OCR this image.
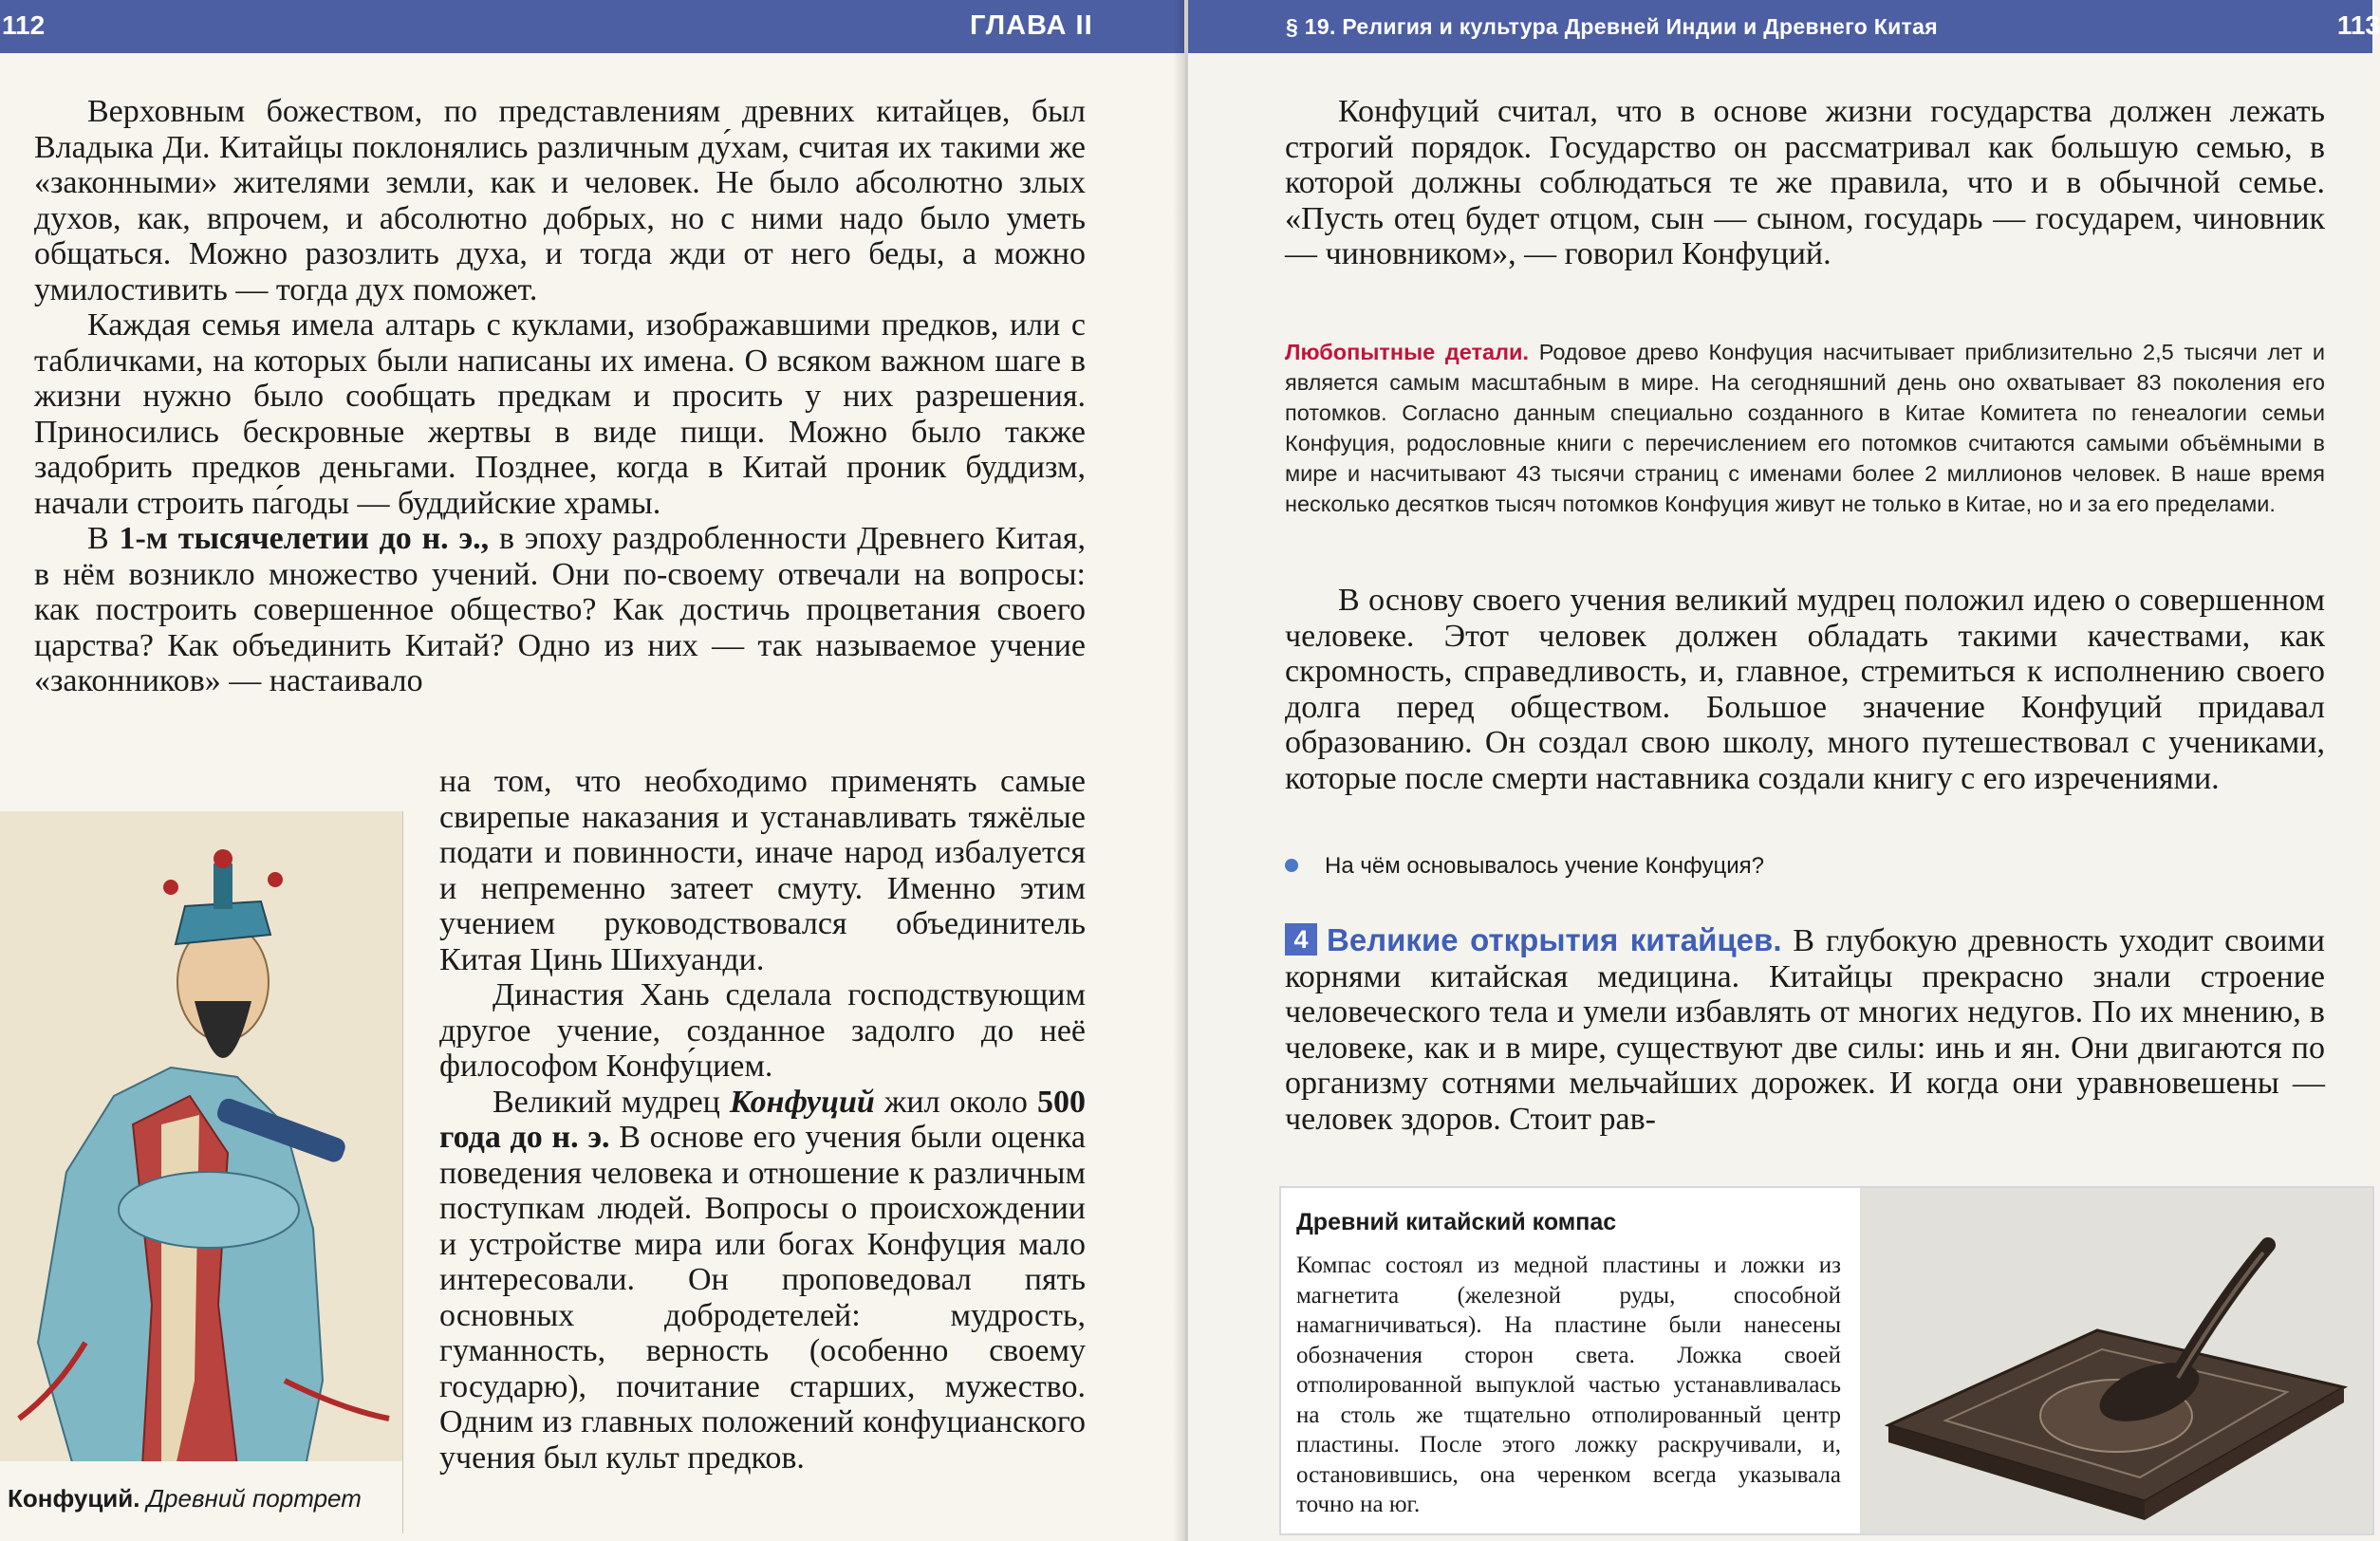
112	ГЛАВА II

Верховным божеством, по представлениям древних китайцев, был Владыка Ди. Китайцы поклонялись различным ду́хам, считая их такими же «законными» жителями земли, как и человек. Не было абсолютно злых духов, как, впрочем, и абсолютно добрых, но с ними надо было уметь общаться. Можно разозлить духа, и тогда жди от него беды, а можно умилостивить — тогда дух поможет.

Каждая семья имела алтарь с куклами, изображавшими предков, или с табличками, на которых были написаны их имена. О всяком важном шаге в жизни нужно было сообщать предкам и просить у них разрешения. Приносились бескровные жертвы в виде пищи. Можно было также задобрить предков деньгами. Позднее, когда в Китай проник буддизм, начали строить па́годы — буддийские храмы.

В 1-м тысячелетии до н. э., в эпоху раздробленности Древнего Китая, в нём возникло множество учений. Они по-своему отвечали на вопросы: как построить совершенное общество? Как достичь процветания своего царства? Как объединить Китай? Одно из них — так называемое учение «законников» — настаивало

на том, что необходимо применять самые свирепые наказания и устанавливать тяжёлые подати и повинности, иначе народ избалуется и непременно затеет смуту. Именно этим учением руководствовался объединитель Китая Цинь Шихуанди.

Династия Хань сделала господствующим другое учение, созданное задолго до неё философом Конфу́цием.

Великий мудрец Конфуций жил около 500 года до н. э. В основе его учения были оценка поведения человека и отношение к различным поступкам людей. Вопросы о происхождении и устройстве мира или богах Конфуция мало интересовали. Он проповедовал пять основных добродетелей: мудрость, гуманность, верность (особенно своему государю), почитание старших, мужество. Одним из главных положений конфуцианского учения был культ предков.

Конфуций. Древний портрет
§ 19. Религия и культура Древней Индии и Древнего Китая	113

Конфуций считал, что в основе жизни государства должен лежать строгий порядок. Государство он рассматривал как большую семью, в которой должны соблюдаться те же правила, что и в обычной семье. «Пусть отец будет отцом, сын — сыном, государь — государем, чиновник — чиновником», — говорил Конфуций.

Любопытные детали. Родовое древо Конфуция насчитывает приблизительно 2,5 тысячи лет и является самым масштабным в мире. На сегодняшний день оно охватывает 83 поколения его потомков. Согласно данным специально созданного в Китае Комитета по генеалогии семьи Конфуция, родословные книги с перечислением его потомков считаются самыми объёмными в мире и насчитывают 43 тысячи страниц с именами более 2 миллионов человек. В наше время несколько десятков тысяч потомков Конфуция живут не только в Китае, но и за его пределами.

В основу своего учения великий мудрец положил идею о совершенном человеке. Этот человек должен обладать такими качествами, как скромность, справедливость, и, главное, стремиться к исполнению своего долга перед обществом. Большое значение Конфуций придавал образованию. Он создал свою школу, много путешествовал с учениками, которые после смерти наставника создали книгу с его изречениями.

На чём основывалось учение Конфуция?

4 Великие открытия китайцев. В глубокую древность уходит своими корнями китайская медицина. Китайцы прекрасно знали строение человеческого тела и умели избавлять от многих недугов. По их мнению, в человеке, как и в мире, существуют две силы: инь и ян. Они двигаются по организму сотнями мельчайших дорожек. И когда они уравновешены — человек здоров. Стоит рав-

Древний китайский компас
Компас состоял из медной пластины и ложки из магнетита (железной руды, способной намагничиваться). На пластине были нанесены обозначения сторон света. Ложка своей отполированной выпуклой частью устанавливалась на столь же тщательно отполированный центр пластины. После этого ложку раскручивали, и, остановившись, она черенком всегда указывала точно на юг.
